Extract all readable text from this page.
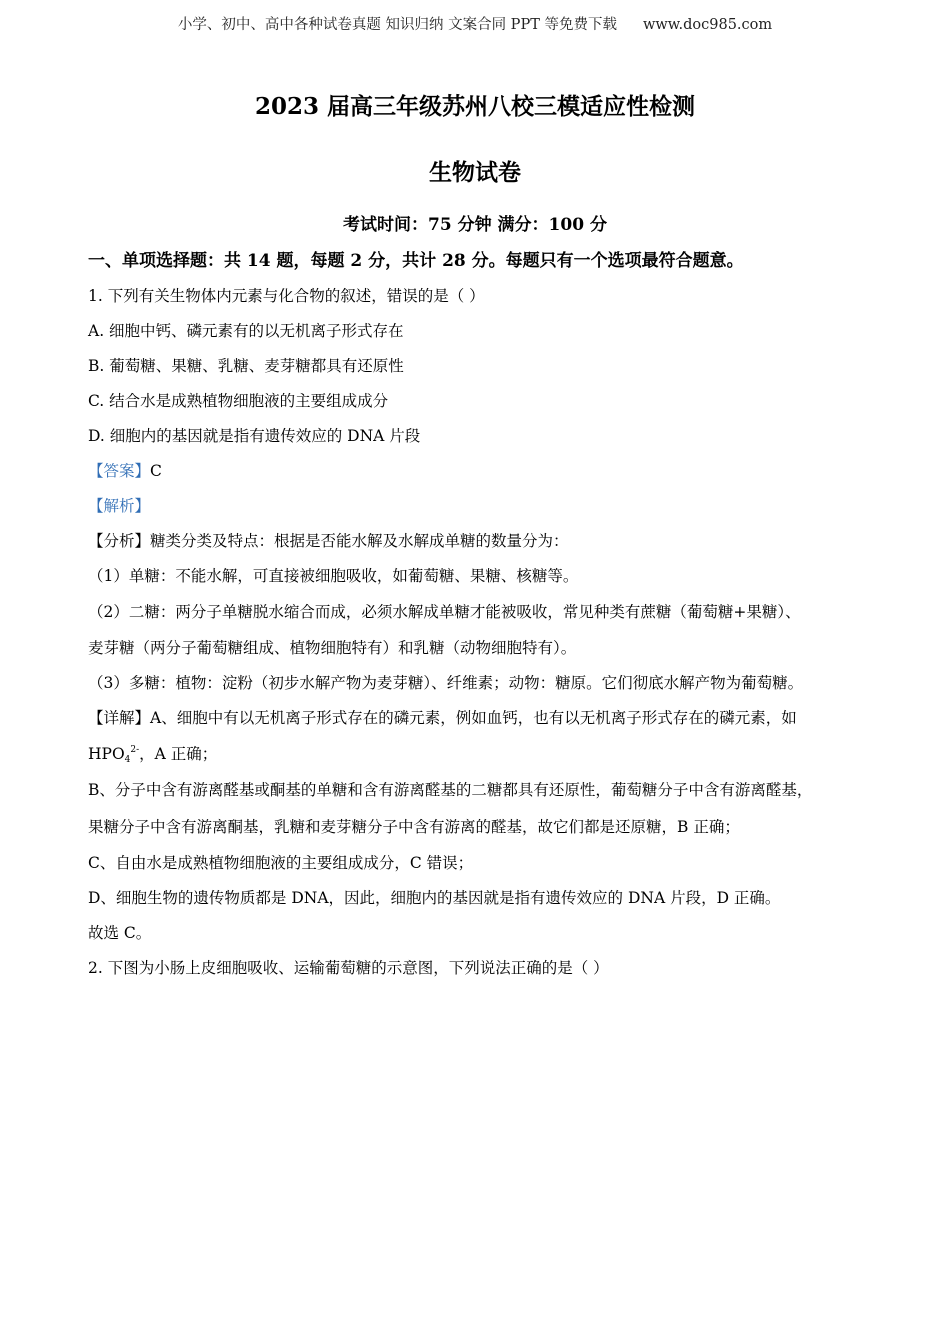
小学、初中、高中各种试卷真题 知识归纳 文案合同 PPT 等免费下载 www.doc985.com
2023 届高三年级苏州八校三模适应性检测
生物试卷
考试时间：75 分钟 满分：100 分
一、单项选择题：共 14 题，每题 2 分，共计 28 分。每题只有一个选项最符合题意。
1. 下列有关生物体内元素与化合物的叙述，错误的是（ ）
A. 细胞中钙、磷元素有的以无机离子形式存在
B. 葡萄糖、果糖、乳糖、麦芽糖都具有还原性
C. 结合水是成熟植物细胞液的主要组成成分
D. 细胞内的基因就是指有遗传效应的 DNA 片段
【答案】C
【解析】
【分析】糖类分类及特点：根据是否能水解及水解成单糖的数量分为：
（1）单糖：不能水解，可直接被细胞吸收，如葡萄糖、果糖、核糖等。
（2）二糖：两分子单糖脱水缩合而成，必须水解成单糖才能被吸收，常见种类有蔗糖（葡萄糖+果糖）、
麦芽糖（两分子葡萄糖组成、植物细胞特有）和乳糖（动物细胞特有）。
（3）多糖：植物：淀粉（初步水解产物为麦芽糖）、纤维素；动物：糖原。它们彻底水解产物为葡萄糖。
【详解】A、细胞中有以无机离子形式存在的磷元素，例如血钙，也有以无机离子形式存在的磷元素，如
$HPO_4^{2-}$，A 正确；
B、分子中含有游离醛基或酮基的单糖和含有游离醛基的二糖都具有还原性，葡萄糖分子中含有游离醛基，
果糖分子中含有游离酮基，乳糖和麦芽糖分子中含有游离的醛基，故它们都是还原糖，B 正确；
C、自由水是成熟植物细胞液的主要组成成分，C 错误；
D、细胞生物的遗传物质都是 DNA，因此，细胞内的基因就是指有遗传效应的 DNA 片段，D 正确。
故选 C。
2. 下图为小肠上皮细胞吸收、运输葡萄糖的示意图，下列说法正确的是（ ）
